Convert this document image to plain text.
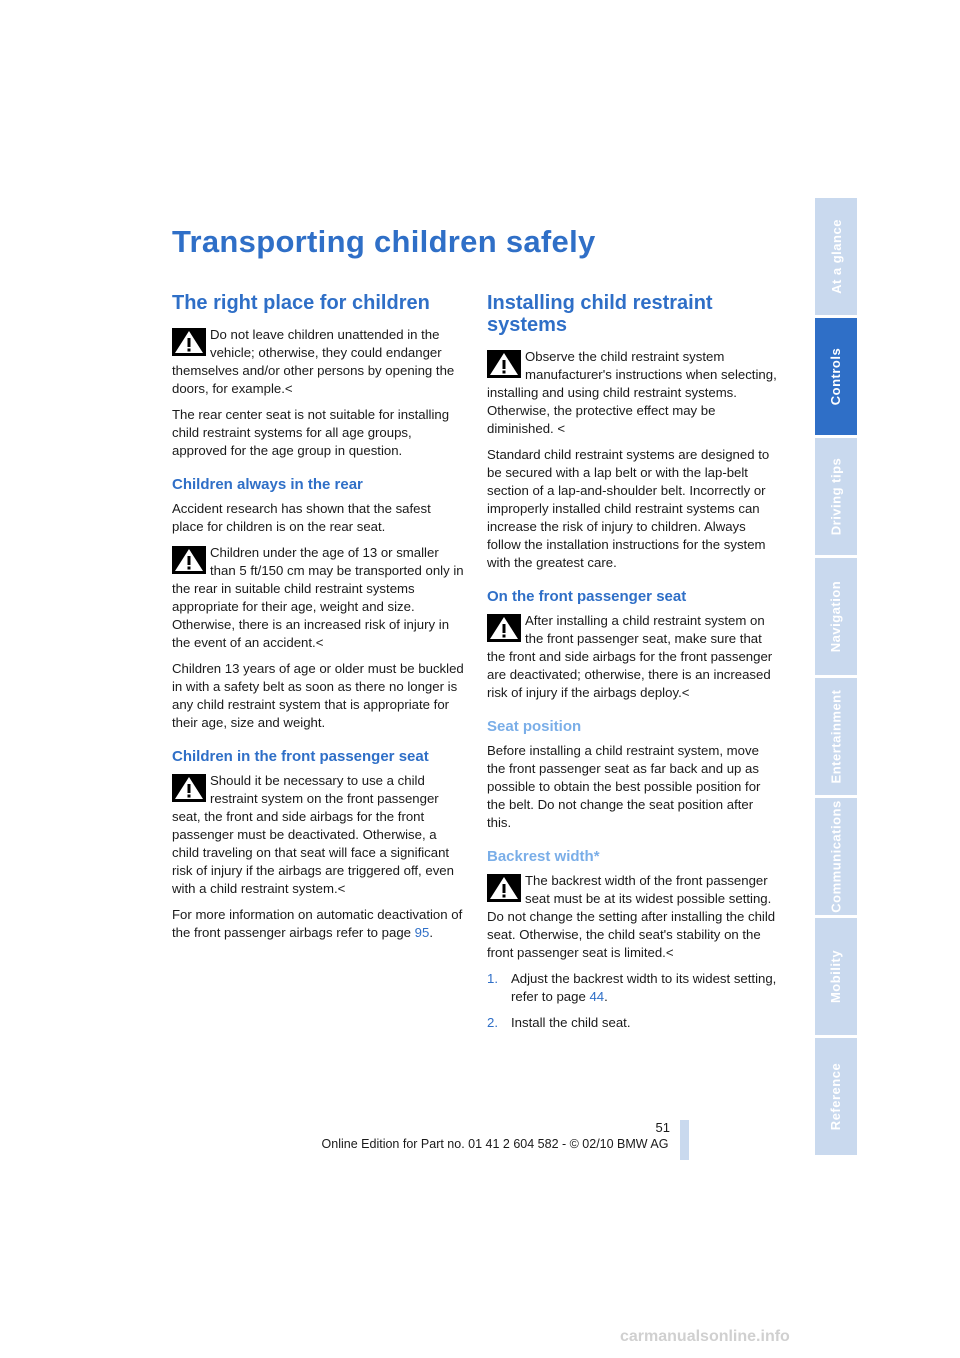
Transporting children safely
The right place for children

Do not leave children unattended in the vehicle; otherwise, they could endanger themselves and/or other persons by opening the doors, for example.<

The rear center seat is not suitable for installing child restraint systems for all age groups, approved for the age group in question.

Children always in the rear

Accident research has shown that the safest place for children is on the rear seat.

Children under the age of 13 or smaller than 5 ft/150 cm may be transported only in the rear in suitable child restraint systems appropriate for their age, weight and size. Otherwise, there is an increased risk of injury in the event of an accident.<

Children 13 years of age or older must be buckled in with a safety belt as soon as there no longer is any child restraint system that is appropriate for their age, size and weight.

Children in the front passenger seat

Should it be necessary to use a child restraint system on the front passenger seat, the front and side airbags for the front passenger must be deactivated. Otherwise, a child traveling on that seat will face a significant risk of injury if the airbags are triggered off, even with a child restraint system.<

For more information on automatic deactivation of the front passenger airbags refer to page 95.

Installing child restraint systems

Observe the child restraint system manufacturer's instructions when selecting, installing and using child restraint systems. Otherwise, the protective effect may be diminished. <

Standard child restraint systems are designed to be secured with a lap belt or with the lap-belt section of a lap-and-shoulder belt. Incorrectly or improperly installed child restraint systems can increase the risk of injury to children. Always follow the installation instructions for the system with the greatest care.

On the front passenger seat

After installing a child restraint system on the front passenger seat, make sure that the front and side airbags for the front passenger are deactivated; otherwise, there is an increased risk of injury if the airbags deploy.<

Seat position

Before installing a child restraint system, move the front passenger seat as far back and up as possible to obtain the best possible position for the belt. Do not change the seat position after this.

Backrest width*

The backrest width of the front passenger seat must be at its widest possible setting. Do not change the setting after installing the child seat. Otherwise, the child seat's stability on the front passenger seat is limited.<

1. Adjust the backrest width to its widest setting, refer to page 44.
2. Install the child seat.
At a glance
Controls
Driving tips
Navigation
Entertainment
Communications
Mobility
Reference
51
Online Edition for Part no. 01 41 2 604 582 - © 02/10 BMW AG
carmanualsonline.info
